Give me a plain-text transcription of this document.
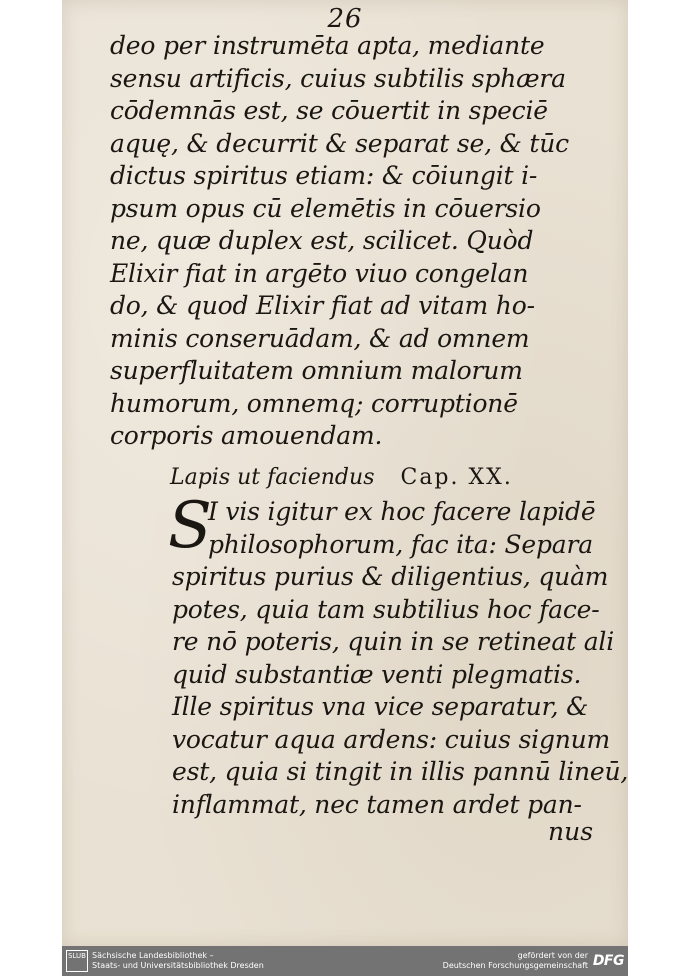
26
deo per instrumēta apta, mediante
sensu artificis, cuius subtilis sphæra
cōdemnās est, se cōuertit in speciē
aquę, & decurrit & separat se, & tūc
dictus spiritus etiam: & cōiungit i-
psum opus cū elemētis in cōuersio
ne, quæ duplex est, scilicet. Quòd
Elixir fiat in argēto viuo congelan
do, & quod Elixir fiat ad vitam ho-
minis conseruādam, & ad omnem
superfluitatem omnium malorum
humorum, omnemq; corruptionē
corporis amouendam.
Lapis ut faciendus Cap. XX.
S
I vis igitur ex hoc facere lapidē
philosophorum, fac ita: Separa
spiritus purius & diligentius, quàm
potes, quia tam subtilius hoc face-
re nō poteris, quin in se retineat ali
quid substantiæ venti plegmatis.
Ille spiritus vna vice separatur, &
vocatur aqua ardens: cuius signum
est, quia si tingit in illis pannū lineū,
inflammat, nec tamen ardet pan-
nus
SLUB Sächsische Landesbibliothek –
Staats- und Universitätsbibliothek Dresden
gefördert von der
Deutschen Forschungsgemeinschaft DFG
